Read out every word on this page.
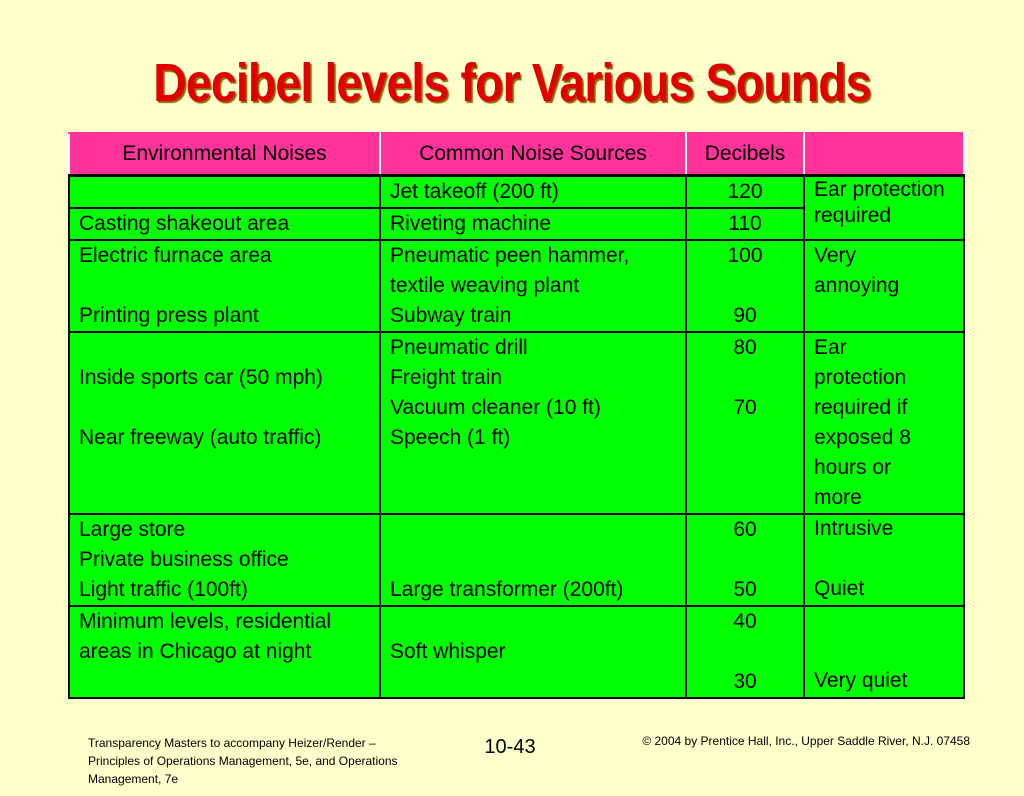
Decibel levels for Various Sounds
Environmental Noises	Common Noise Sources	Decibels	
	Jet takeoff (200 ft)	120	Ear protection required
Casting shakeout area	Riveting machine	110	
Electric furnace area	Pneumatic peen hammer,	100	Very annoying

	textile weaving plant		
Printing press plant	Subway train	90	
	Pneumatic drill	80	Ear protection required if exposed 8 hours or more

Inside sports car (50 mph)	Freight train		
	Vacuum cleaner (10 ft)	70	
Near freeway (auto traffic)	Speech (1 ft)		

Large store		60	Intrusive
Private business office			
Light traffic (100ft)	Large transformer (200ft)	50	Quiet
Minimum levels, residential		40	
areas in Chicago at night	Soft whisper		
		30	Very quiet
Transparency Masters to accompany Heizer/Render – Principles of Operations Management, 5e, and Operations Management, 7e
10-43	© 2004 by Prentice Hall, Inc., Upper Saddle River, N.J. 07458
